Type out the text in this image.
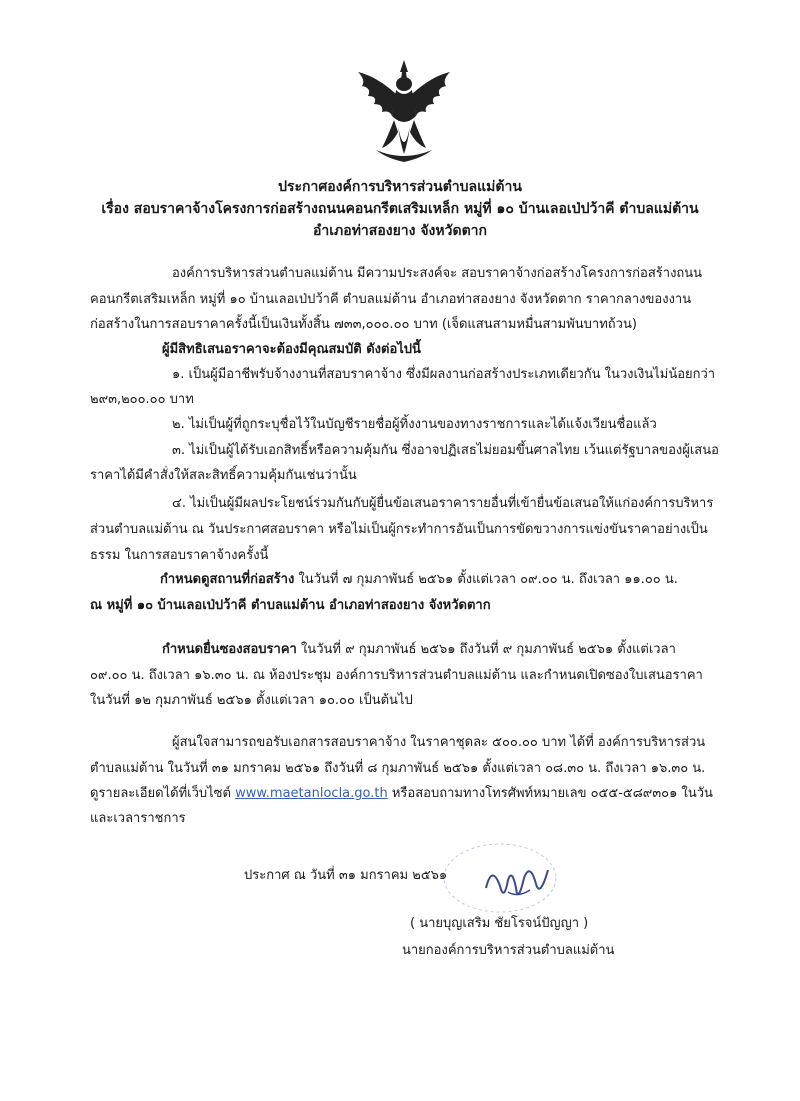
ประกาศองค์การบริหารส่วนตำบลแม่ต้าน
เรื่อง สอบราคาจ้างโครงการก่อสร้างถนนคอนกรีตเสริมเหล็ก หมู่ที่ ๑๐ บ้านเลอเป่ปว้าคี ตำบลแม่ต้าน
อำเภอท่าสองยาง จังหวัดตาก
องค์การบริหารส่วนตำบลแม่ต้าน มีความประสงค์จะ สอบราคาจ้างก่อสร้างโครงการก่อสร้างถนน
คอนกรีตเสริมเหล็ก หมู่ที่ ๑๐ บ้านเลอเป่ปว้าคี ตำบลแม่ต้าน อำเภอท่าสองยาง จังหวัดตาก ราคากลางของงาน
ก่อสร้างในการสอบราคาครั้งนี้เป็นเงินทั้งสิ้น ๗๓๓,๐๐๐.๐๐ บาท (เจ็ดแสนสามหมื่นสามพันบาทถ้วน)
ผู้มีสิทธิเสนอราคาจะต้องมีคุณสมบัติ ดังต่อไปนี้
๑. เป็นผู้มีอาชีพรับจ้างงานที่สอบราคาจ้าง ซึ่งมีผลงานก่อสร้างประเภทเดียวกัน ในวงเงินไม่น้อยกว่า
๒๙๓,๒๐๐.๐๐ บาท
๒. ไม่เป็นผู้ที่ถูกระบุชื่อไว้ในบัญชีรายชื่อผู้ทิ้งงานของทางราชการและได้แจ้งเวียนชื่อแล้ว
๓. ไม่เป็นผู้ได้รับเอกสิทธิ์หรือความคุ้มกัน ซึ่งอาจปฏิเสธไม่ยอมขึ้นศาลไทย เว้นแต่รัฐบาลของผู้เสนอ
ราคาได้มีคำสั่งให้สละสิทธิ์ความคุ้มกันเช่นว่านั้น
๔. ไม่เป็นผู้มีผลประโยชน์ร่วมกันกับผู้ยื่นข้อเสนอราคารายอื่นที่เข้ายื่นข้อเสนอให้แก่องค์การบริหาร
ส่วนตำบลแม่ต้าน ณ วันประกาศสอบราคา หรือไม่เป็นผู้กระทำการอันเป็นการขัดขวางการแข่งขันราคาอย่างเป็น
ธรรม ในการสอบราคาจ้างครั้งนี้
กำหนดดูสถานที่ก่อสร้าง ในวันที่ ๗ กุมภาพันธ์ ๒๕๖๑ ตั้งแต่เวลา ๐๙.๐๐ น. ถึงเวลา ๑๑.๐๐ น.
ณ หมู่ที่ ๑๐ บ้านเลอเป่ปว้าคี ตำบลแม่ต้าน อำเภอท่าสองยาง จังหวัดตาก
กำหนดยื่นซองสอบราคา ในวันที่ ๙ กุมภาพันธ์ ๒๕๖๑ ถึงวันที่ ๙ กุมภาพันธ์ ๒๕๖๑ ตั้งแต่เวลา
๐๙.๐๐ น. ถึงเวลา ๑๖.๓๐ น. ณ ห้องประชุม องค์การบริหารส่วนตำบลแม่ต้าน และกำหนดเปิดซองใบเสนอราคา
ในวันที่ ๑๒ กุมภาพันธ์ ๒๕๖๑ ตั้งแต่เวลา ๑๐.๐๐ เป็นต้นไป
ผู้สนใจสามารถขอรับเอกสารสอบราคาจ้าง ในราคาชุดละ ๕๐๐.๐๐ บาท ได้ที่ องค์การบริหารส่วน
ตำบลแม่ต้าน ในวันที่ ๓๑ มกราคม ๒๕๖๑ ถึงวันที่ ๘ กุมภาพันธ์ ๒๕๖๑ ตั้งแต่เวลา ๐๘.๓๐ น. ถึงเวลา ๑๖.๓๐ น.
ดูรายละเอียดได้ที่เว็บไซต์ www.maetanlocla.go.th หรือสอบถามทางโทรศัพท์หมายเลข ๐๕๕-๕๘๙๓๐๑ ในวัน
และเวลาราชการ
ประกาศ ณ วันที่ ๓๑ มกราคม ๒๕๖๑
( นายบุญเสริม ชัยโรจน์ปัญญา )
นายกองค์การบริหารส่วนตำบลแม่ต้าน
